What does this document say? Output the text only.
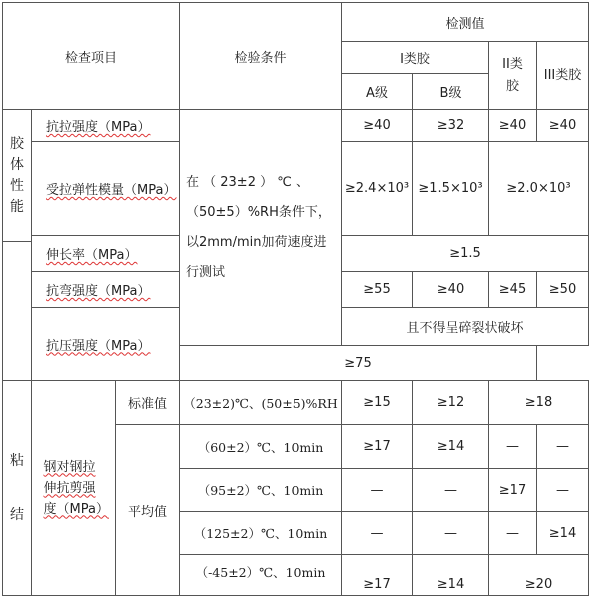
检查项目			检验条件	检测值			
				I类胶		II类胶	III类胶
				A级	B级		
胶体性能	抗拉强度（MPa）		在 （ 23±2 ） ℃ 、（50±5）%RH条件下，以2mm/min加荷速度进行测试	≥40	≥32	≥40	≥40
	受拉弹性模量（MPa）			≥2.4×10³	≥1.5×10³	≥2.0×10³	
	伸长率（MPa）			≥1.5			

	抗弯强度（MPa）			≥55	≥40	≥45	≥50
	抗压强度（MPa）			且不得呈碎裂状破坏			
			≥75				
粘结	钢对钢拉伸抗剪强度（MPa）	标准值	（23±2)℃、(50±5)%RH	≥15	≥12	≥18	
		平均值	（60±2）℃、10min	≥17	≥14	—	—
			（95±2）℃、10min	—	—	≥17	—
			（125±2）℃、10min	—	—	—	≥14
			（-45±2）℃、10min	≥17	≥14	≥20	
